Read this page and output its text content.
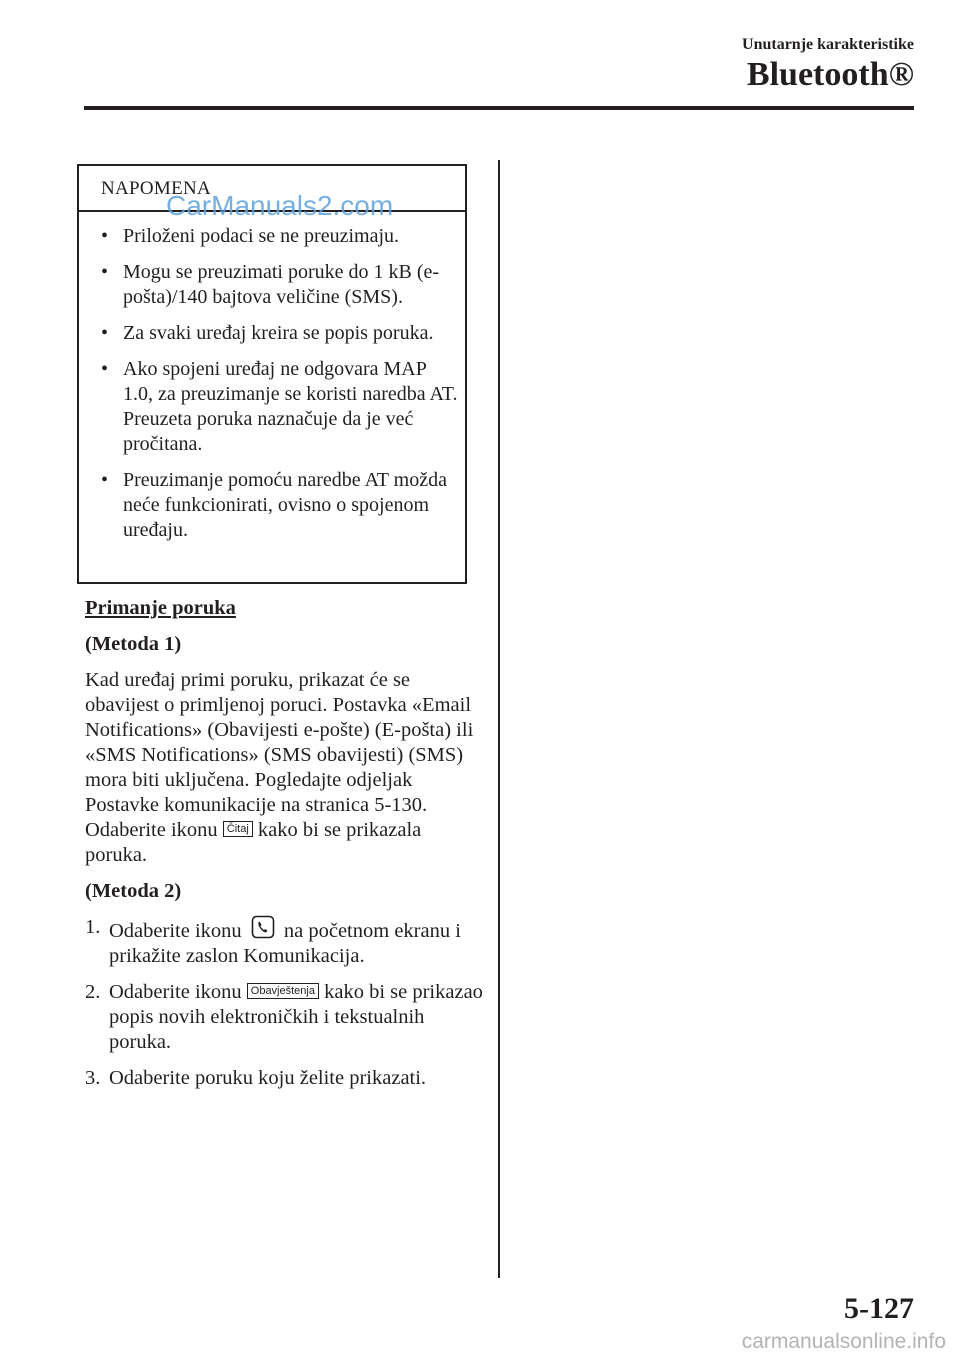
Unutarnje karakteristike
Bluetooth®
NAPOMENA
• Priloženi podaci se ne preuzimaju.
• Mogu se preuzimati poruke do 1 kB (e-pošta)/140 bajtova veličine (SMS).
• Za svaki uređaj kreira se popis poruka.
• Ako spojeni uređaj ne odgovara MAP 1.0, za preuzimanje se koristi naredba AT. Preuzeta poruka naznačuje da je već pročitana.
• Preuzimanje pomoću naredbe AT možda neće funkcionirati, ovisno o spojenom uređaju.
CarManuals2.com

Primanje poruka

(Metoda 1)

Kad uređaj primi poruku, prikazat će se obavijest o primljenoj poruci. Postavka «Email Notifications» (Obavijesti e-pošte) (E-pošta) ili «SMS Notifications» (SMS obavijesti) (SMS) mora biti uključena. Pogledajte odjeljak Postavke komunikacije na stranica 5-130. Odaberite ikonu Čitaj kako bi se prikazala poruka.

(Metoda 2)

1. Odaberite ikonu na početnom ekranu i prikažite zaslon Komunikacija.
2. Odaberite ikonu Obavještenja kako bi se prikazao popis novih elektroničkih i tekstualnih poruka.
3. Odaberite poruku koju želite prikazati.
5-127
carmanualsonline.info
